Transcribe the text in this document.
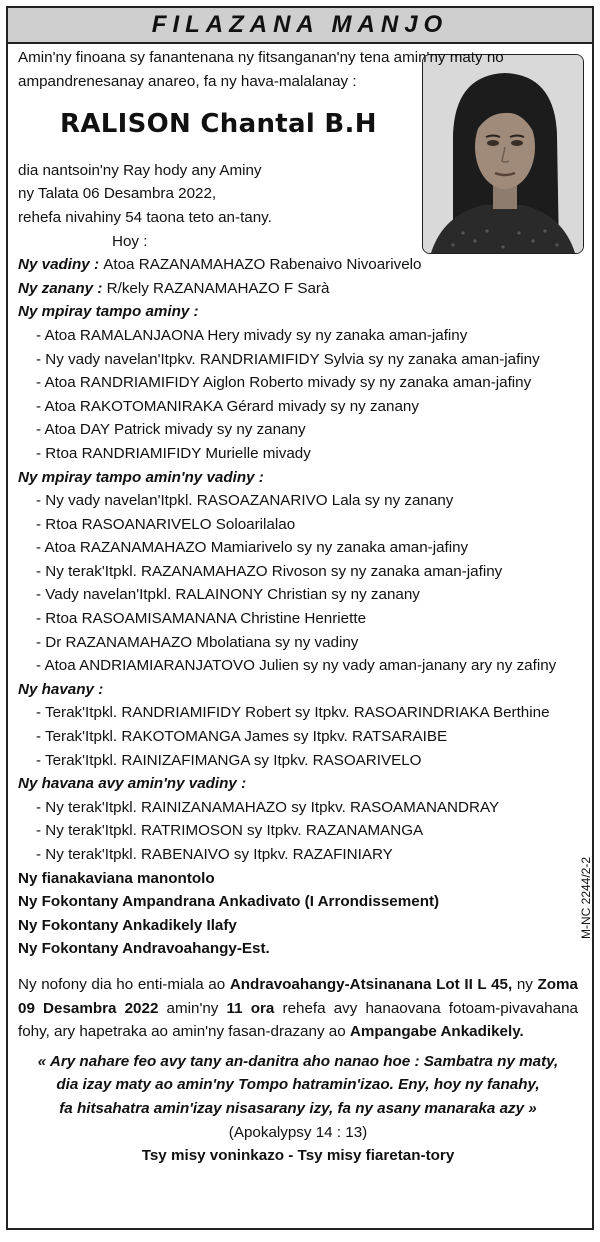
FILAZANA MANJO
M-NC 2244/2-2

Amin'ny finoana sy fanantenana ny fitsanganan'ny tena amin'ny maty no ampandrenesanay anareo, fa ny hava-malalanay :

RALISON Chantal B.H

dia nantsoin'ny Ray hody any Aminy

ny Talata 06 Desambra 2022,

rehefa nivahiny 54 taona teto an-tany.

Hoy :

Ny vadiny : Atoa RAZANAMAHAZO Rabenaivo Nivoarivelo

Ny zanany : R/kely RAZANAMAHAZO F Sarà

Ny mpiray tampo aminy :

- Atoa RAMALANJAONA Hery mivady sy ny zanaka aman-jafiny
- Ny vady navelan'Itpkv. RANDRIAMIFIDY Sylvia sy ny zanaka aman-jafiny
- Atoa RANDRIAMIFIDY Aiglon Roberto mivady sy ny zanaka aman-jafiny
- Atoa RAKOTOMANIRAKA Gérard mivady sy ny zanany
- Atoa DAY Patrick mivady sy ny zanany
- Rtoa RANDRIAMIFIDY Murielle mivady

Ny mpiray tampo amin'ny vadiny :

- Ny vady navelan'Itpkl. RASOAZANARIVO Lala sy ny zanany
- Rtoa RASOANARIVELO Soloarilalao
- Atoa RAZANAMAHAZO Mamiarivelo sy ny zanaka aman-jafiny
- Ny terak'Itpkl. RAZANAMAHAZO Rivoson sy ny zanaka aman-jafiny
- Vady navelan'Itpkl. RALAINONY Christian sy ny zanany
- Rtoa RASOAMISAMANANA Christine Henriette
- Dr RAZANAMAHAZO Mbolatiana sy ny vadiny
- Atoa ANDRIAMIARANJATOVO Julien sy ny vady aman-janany ary ny zafiny

Ny havany :

- Terak'Itpkl. RANDRIAMIFIDY Robert sy Itpkv. RASOARINDRIAKA Berthine
- Terak'Itpkl. RAKOTOMANGA James sy Itpkv. RATSARAIBE
- Terak'Itpkl. RAINIZAFIMANGA sy Itpkv. RASOARIVELO

Ny havana avy amin'ny vadiny :

- Ny terak'Itpkl. RAINIZANAMAHAZO sy Itpkv. RASOAMANANDRAY
- Ny terak'Itpkl. RATRIMOSON sy Itpkv. RAZANAMANGA
- Ny terak'Itpkl. RABENAIVO sy Itpkv. RAZAFINIARY

Ny fianakaviana manontolo

Ny Fokontany Ampandrana Ankadivato (I Arrondissement)

Ny Fokontany Ankadikely Ilafy

Ny Fokontany Andravoahangy-Est.

Ny nofony dia ho enti-miala ao Andravoahangy-Atsinanana Lot II L 45, ny Zoma 09 Desambra 2022 amin'ny 11 ora rehefa avy hanaovana fotoam-pivavahana fohy, ary hapetraka ao amin'ny fasan-drazany ao Ampangabe Ankadikely.

« Ary nahare feo avy tany an-danitra aho nanao hoe : Sambatra ny maty,

dia izay maty ao amin'ny Tompo hatramin'izao. Eny, hoy ny fanahy,

fa hitsahatra amin'izay nisasarany izy, fa ny asany manaraka azy »

(Apokalypsy 14 : 13)

Tsy misy voninkazo - Tsy misy fiaretan-tory
